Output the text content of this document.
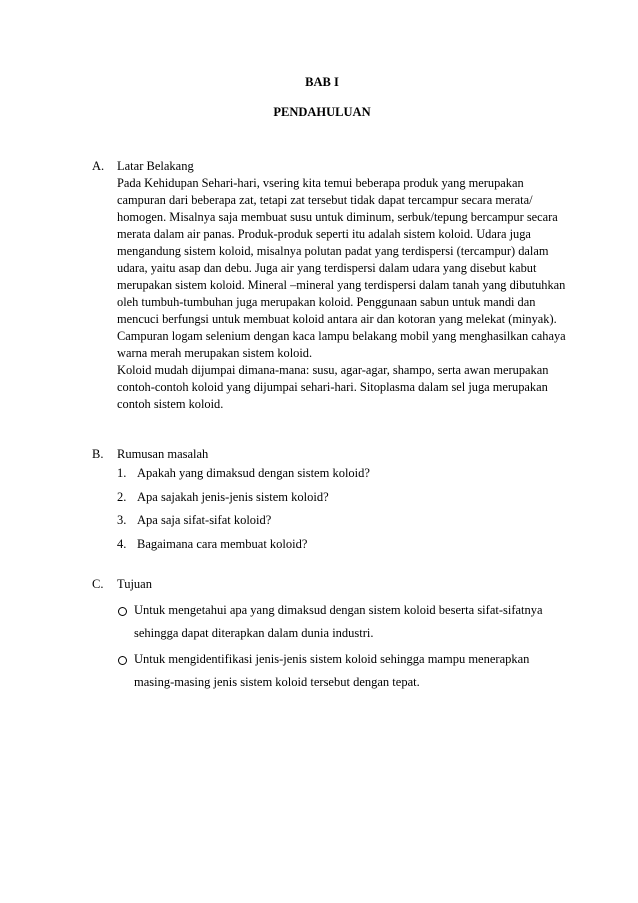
BAB I
PENDAHULUAN
A.	Latar Belakang

Pada Kehidupan Sehari-hari, vsering kita temui beberapa produk yang merupakan campuran dari beberapa zat, tetapi zat tersebut tidak dapat tercampur secara merata/ homogen. Misalnya saja membuat susu untuk diminum, serbuk/tepung bercampur secara merata dalam air panas. Produk-produk seperti itu adalah sistem koloid. Udara juga mengandung sistem koloid, misalnya polutan padat yang terdispersi (tercampur) dalam udara, yaitu asap dan debu. Juga air yang terdispersi dalam udara yang disebut kabut merupakan sistem koloid. Mineral –mineral yang terdispersi dalam tanah yang dibutuhkan oleh tumbuh-tumbuhan juga merupakan koloid. Penggunaan sabun untuk mandi dan mencuci berfungsi untuk membuat koloid antara air dan kotoran yang melekat (minyak). Campuran logam selenium dengan kaca lampu belakang mobil yang menghasilkan cahaya warna merah merupakan sistem koloid.

Koloid mudah dijumpai dimana-mana: susu, agar-agar, shampo, serta awan merupakan contoh-contoh koloid yang dijumpai sehari-hari. Sitoplasma dalam sel juga merupakan contoh sistem koloid.

B.	Rumusan masalah
1. Apakah yang dimaksud dengan sistem koloid?
2. Apa sajakah jenis-jenis sistem koloid?
3. Apa saja sifat-sifat koloid?
4. Bagaimana cara membuat koloid?
C.	Tujuan
Untuk mengetahui apa yang dimaksud dengan sistem koloid beserta sifat-sifatnya sehingga dapat diterapkan dalam dunia industri.
Untuk mengidentifikasi jenis-jenis sistem koloid sehingga mampu menerapkan masing-masing jenis sistem koloid tersebut dengan tepat.
